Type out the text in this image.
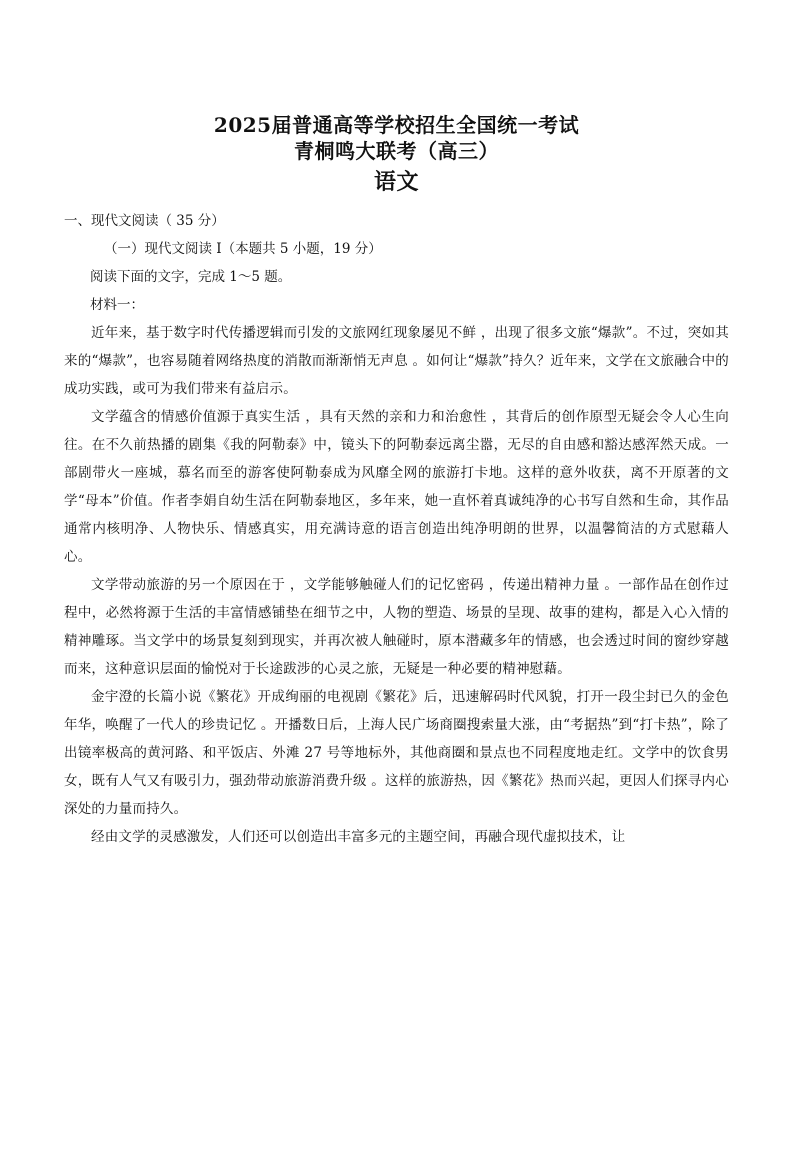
2025届普通高等学校招生全国统一考试
青桐鸣大联考（高三）
语文

一、现代文阅读（ 35 分）

（一）现代文阅读 I（本题共 5 小题，19 分）

阅读下面的文字，完成 1～5 题。

材料一：

近年来，基于数字时代传播逻辑而引发的文旅网红现象屡见不鲜 ，出现了很多文旅“爆款”。不过，突如其来的“爆款”，也容易随着网络热度的消散而渐渐悄无声息 。如何让“爆款”持久？近年来，文学在文旅融合中的成功实践，或可为我们带来有益启示。

文学蕴含的情感价值源于真实生活 ，具有天然的亲和力和治愈性 ，其背后的创作原型无疑会令人心生向往。在不久前热播的剧集《我的阿勒泰》中，镜头下的阿勒泰远离尘嚣，无尽的自由感和豁达感浑然天成。一部剧带火一座城，慕名而至的游客使阿勒泰成为风靡全网的旅游打卡地。这样的意外收获，离不开原著的文学“母本”价值。作者李娟自幼生活在阿勒泰地区，多年来，她一直怀着真诚纯净的心书写自然和生命，其作品通常内核明净、人物快乐、情感真实，用充满诗意的语言创造出纯净明朗的世界，以温馨简洁的方式慰藉人心。

文学带动旅游的另一个原因在于 ，文学能够触碰人们的记忆密码 ，传递出精神力量 。一部作品在创作过程中，必然将源于生活的丰富情感铺垫在细节之中，人物的塑造、场景的呈现、故事的建构，都是入心入情的精神雕琢。当文学中的场景复刻到现实，并再次被人触碰时，原本潜藏多年的情感，也会透过时间的窗纱穿越而来，这种意识层面的愉悦对于长途跋涉的心灵之旅，无疑是一种必要的精神慰藉。

金宇澄的长篇小说《繁花》开成绚丽的电视剧《繁花》后，迅速解码时代风貌，打开一段尘封已久的金色年华，唤醒了一代人的珍贵记忆 。开播数日后，上海人民广场商圈搜索量大涨，由“考据热”到“打卡热”，除了出镜率极高的黄河路、和平饭店、外滩 27 号等地标外，其他商圈和景点也不同程度地走红。文学中的饮食男女，既有人气又有吸引力，强劲带动旅游消费升级 。这样的旅游热，因《繁花》热而兴起，更因人们探寻内心深处的力量而持久。

经由文学的灵感激发，人们还可以创造出丰富多元的主题空间，再融合现代虚拟技术，让
